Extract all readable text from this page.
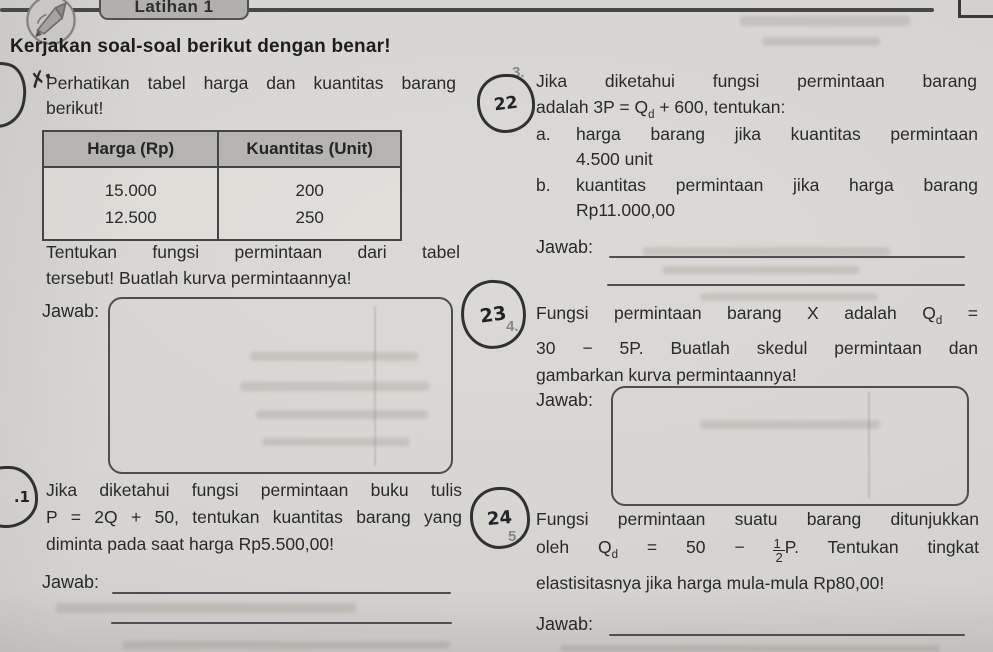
Latihan 1
Kerjakan soal-soal berikut dengan benar!
✗·
Perhatikan tabel harga dan kuantitas barang
berikut!
Harga (Rp)	Kuantitas (Unit)
15.000	200
12.500	250
Tentukan fungsi permintaan dari tabel
tersebut! Buatlah kurva permintaannya!
Jawab:
.1 Jika diketahui fungsi permintaan buku tulis
P = 2Q + 50, tentukan kuantitas barang yang
diminta pada saat harga Rp5.500,00!
Jawab:
3.
22
Jika diketahui fungsi permintaan barang
adalah $3P = Q_d + 600$, tentukan:
a.	harga barang jika kuantitas permintaan
4.500 unit
b.	kuantitas permintaan jika harga barang
Rp11.000,00
Jawab:
4.
23 Fungsi permintaan barang X adalah $Q_d$ =
30 − 5P. Buatlah skedul permintaan dan
gambarkan kurva permintaannya!
Jawab:
5.
24 Fungsi permintaan suatu barang ditunjukkan
oleh $Q_d = 50 - \frac{1}{2} P$. Tentukan tingkat
elastisitasnya jika harga mula-mula Rp80,00!
Jawab:
